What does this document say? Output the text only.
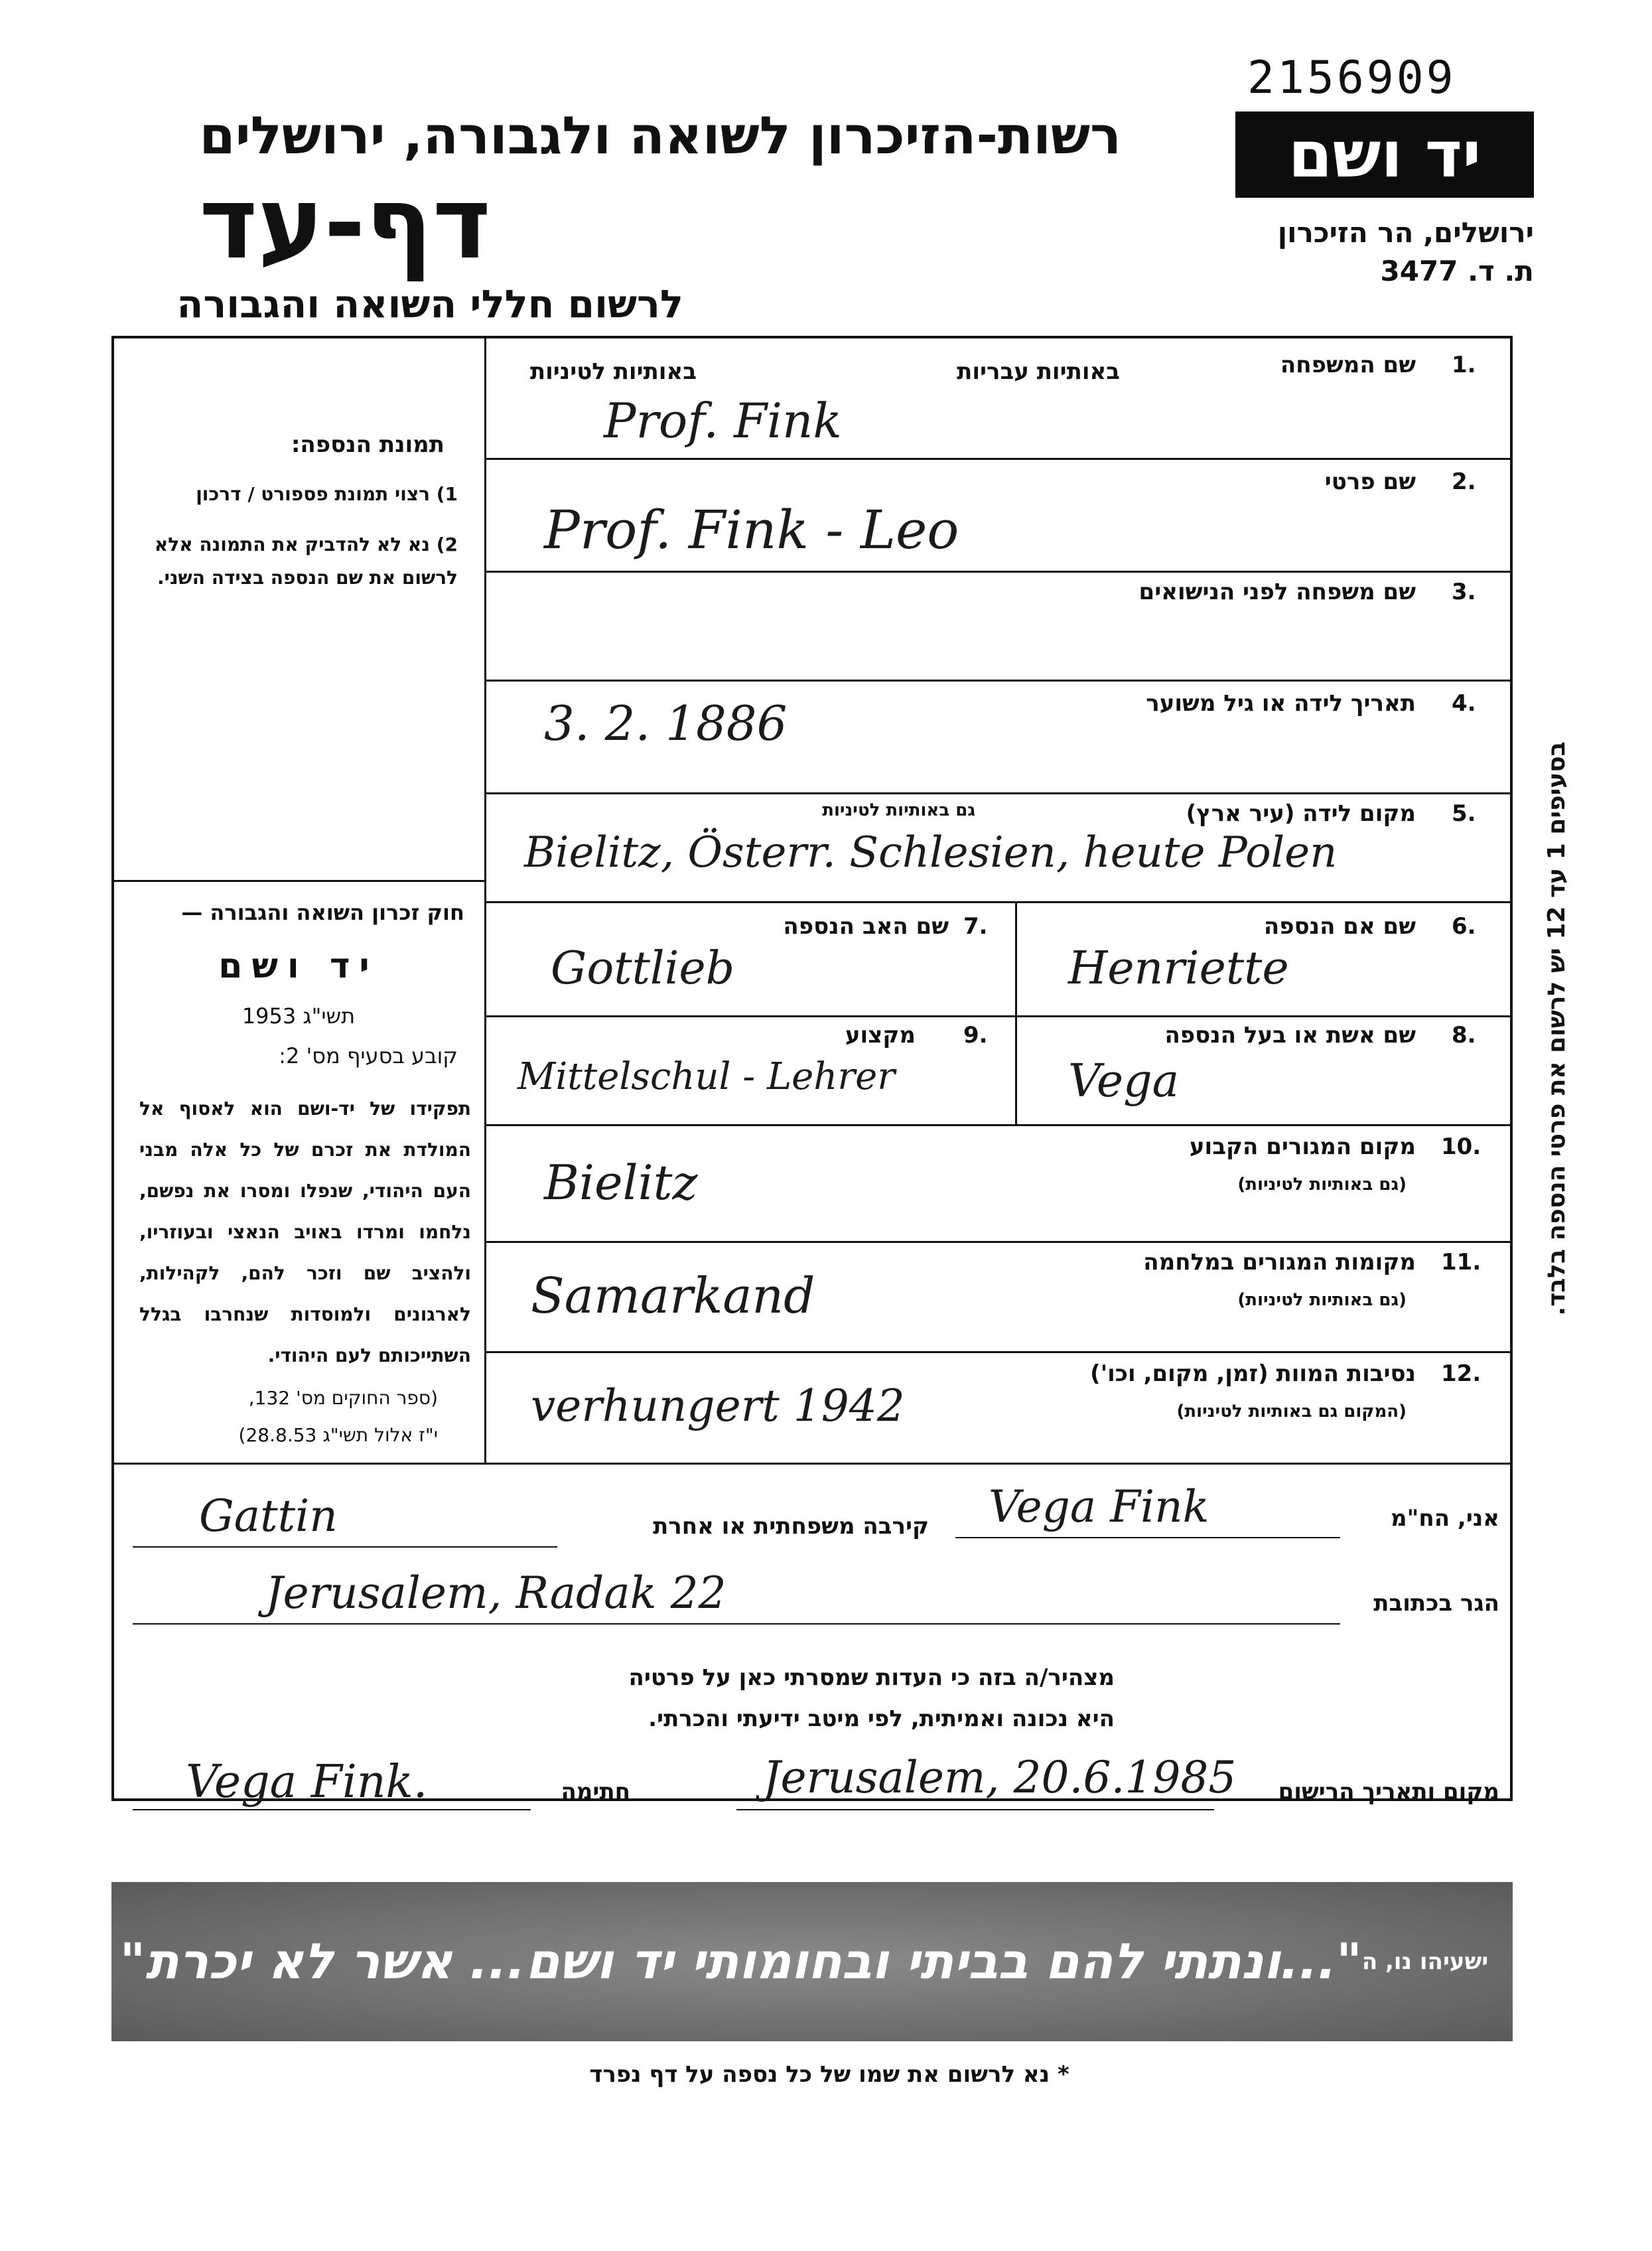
2156909
רשות-הזיכרון לשואה ולגבורה, ירושלים
דף-עד
לרשום חללי השואה והגבורה
יד ושם
ירושלים, הר הזיכרון
ת. ד. 3477
תמונת הנספה:
1) רצוי תמונת פספורט / דרכון
2) נא לא להדביק את התמונה אלא לרשום את שם הנספה בצידה השני.
חוק זכרון השואה והגבורה —
יד ושם
תשי"ג 1953
קובע בסעיף מס' 2:
תפקידו של יד-ושם הוא לאסוף אל המולדת את זכרם של כל אלה מבני העם היהודי, שנפלו ומסרו את נפשם, נלחמו ומרדו באויב הנאצי ובעוזריו, ולהציב שם וזכר להם, לקהילות, לארגונים ולמוסדות שנחרבו בגלל השתייכותם לעם היהודי.
(ספר החוקים מס' 132,
י"ז אלול תשי"ג 28.8.53)
1.
שם המשפחה
באותיות עבריות
באותיות לטיניות
Prof. Fink
2.
שם פרטי
Prof. Fink - Leo
3.
שם משפחה לפני הנישואים
4.
תאריך לידה או גיל משוער
3. 2. 1886
5.
מקום לידה (עיר ארץ)
גם באותיות לטיניות
Bielitz, Österr. Schlesien, heute Polen
6.
שם אם הנספה
Henriette
7.
שם האב הנספה
Gottlieb
8.
שם אשת או בעל הנספה
Vega
9.
מקצוע
Mittelschul - Lehrer
10.
מקום המגורים הקבוע
(גם באותיות לטיניות)
Bielitz
11.
מקומות המגורים במלחמה
(גם באותיות לטיניות)
Samarkand
12.
נסיבות המוות (זמן, מקום, וכו')
(המקום גם באותיות לטיניות)
verhungert 1942
בסעיפים 1 עד 12 יש לרשום את פרטי הנספה בלבד.
אני, הח"מ
Vega Fink
קירבה משפחתית או אחרת
Gattin
הגר בכתובת
Jerusalem, Radak 22
מצהיר/ה בזה כי העדות שמסרתי כאן על פרטיה
היא נכונה ואמיתית, לפי מיטב ידיעתי והכרתי.
מקום ותאריך הרישום
Jerusalem, 20.6.1985
חתימה
Vega Fink.
"...ונתתי להם בביתי ובחומותי יד ושם... אשר לא יכרת" ישעיהו נו, ה
* נא לרשום את שמו של כל נספה על דף נפרד
